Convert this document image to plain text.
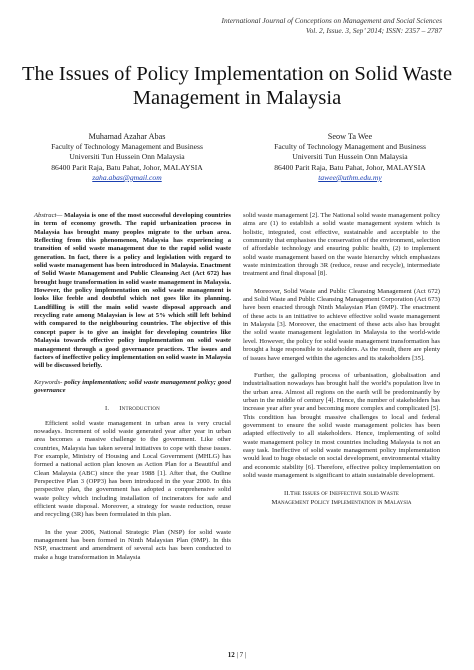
International Journal of Conceptions on Management and Social Sciences
Vol. 2, Issue. 3, Sep’ 2014; ISSN: 2357 – 2787
The Issues of Policy Implementation on Solid Waste
Management in Malaysia
Muhamad Azahar Abas
Faculty of Technology Management and Business
Universiti Tun Hussein Onn Malaysia
86400 Parit Raja, Batu Pahat, Johor, MALAYSIA
zaha.abas@gmail.com
Seow Ta Wee
Faculty of Technology Management and Business
Universiti Tun Hussein Onn Malaysia
86400 Parit Raja, Batu Pahat, Johor, MALAYSIA
tawee@uthm.edu.my

Abstract— Malaysia is one of the most successful developing countries in term of economy growth. The rapid urbanization process in Malaysia has brought many peoples migrate to the urban area. Reflecting from this phenomenon, Malaysia has experiencing a transition of solid waste management due to the rapid solid waste generation. In fact, there is a policy and legislation with regard to solid waste management has been introduced in Malaysia. Enactment of Solid Waste Management and Public Cleansing Act (Act 672) has brought huge transformation in solid waste management in Malaysia. However, the policy implementation on solid waste management is looks like feeble and doubtful which not goes like its planning. Landfilling is still the main solid waste disposal approach and recycling rate among Malaysian is low at 5% which still left behind with compared to the neighbouring countries. The objective of this concept paper is to give an insight for developing countries like Malaysia towards effective policy implementation on solid waste management through a good governance practices. The issues and factors of ineffective policy implementation on solid waste in Malaysia will be discussed briefly.

Keywords- policy implementation; solid waste management policy; good governance

I. Introduction

Efficient solid waste management in urban area is very crucial nowadays. Increment of solid waste generated year after year in urban area becomes a massive challenge to the government. Like other countries, Malaysia has taken several initiatives to cope with these issues. For example, Ministry of Housing and Local Government (MHLG) has formed a national action plan known as Action Plan for a Beautiful and Clean Malaysia (ABC) since the year 1988 [1]. After that, the Outline Perspective Plan 3 (OPP3) has been introduced in the year 2000. In this perspective plan, the government has adopted a comprehensive solid waste policy which including installation of incinerators for safe and efficient waste disposal. Moreover, a strategy for waste reduction, reuse and recycling (3R) has been formulated in this plan.

In the year 2006, National Strategic Plan (NSP) for solid waste management has been formed in Ninth Malaysian Plan (9MP). In this NSP, enactment and amendment of several acts has been conducted to make a huge transformation in Malaysia

solid waste management [2]. The National solid waste management policy aims are (1) to establish a solid waste management system which is holistic, integrated, cost effective, sustainable and acceptable to the community that emphasises the conservation of the environment, selection of affordable technology and ensuring public health, (2) to implement solid waste management based on the waste hierarchy which emphasizes waste minimization through 3R (reduce, reuse and recycle), intermediate treatment and final disposal [8].

Moreover, Solid Waste and Public Cleansing Management (Act 672) and Solid Waste and Public Cleansing Management Corporation (Act 673) have been enacted through Ninth Malaysian Plan (9MP). The enactment of these acts is an initiative to achieve effective solid waste management in Malaysia [3]. Moreover, the enactment of these acts also has brought the solid waste management legislation in Malaysia to the world-wide level. However, the policy for solid waste management transformation has brought a huge responsible to stakeholders. As the result, there are plenty of issues have emerged within the agencies and its stakeholders [35].

Further, the galloping process of urbanisation, globalisation and industrialisation nowadays has brought half the world’s population live in the urban area. Almost all regions on the earth will be predominantly by urban in the middle of century [4]. Hence, the number of stakeholders has increase year after year and becoming more complex and complicated [5]. This condition has brought massive challenges to local and federal government to ensure the solid waste management policies has been adapted effectively to all stakeholders. Hence, implementing of solid waste management policy in most countries including Malaysia is not an easy task. Ineffective of solid waste management policy implementation would lead to huge obstacle on social development, environmental vitality and economic stability [6]. Therefore, effective policy implementation on solid waste management is significant to attain sustainable development.

II.The Issues of Ineffective Solid Waste
Management Policy Implementation in Malaysia

12 | 7 |
